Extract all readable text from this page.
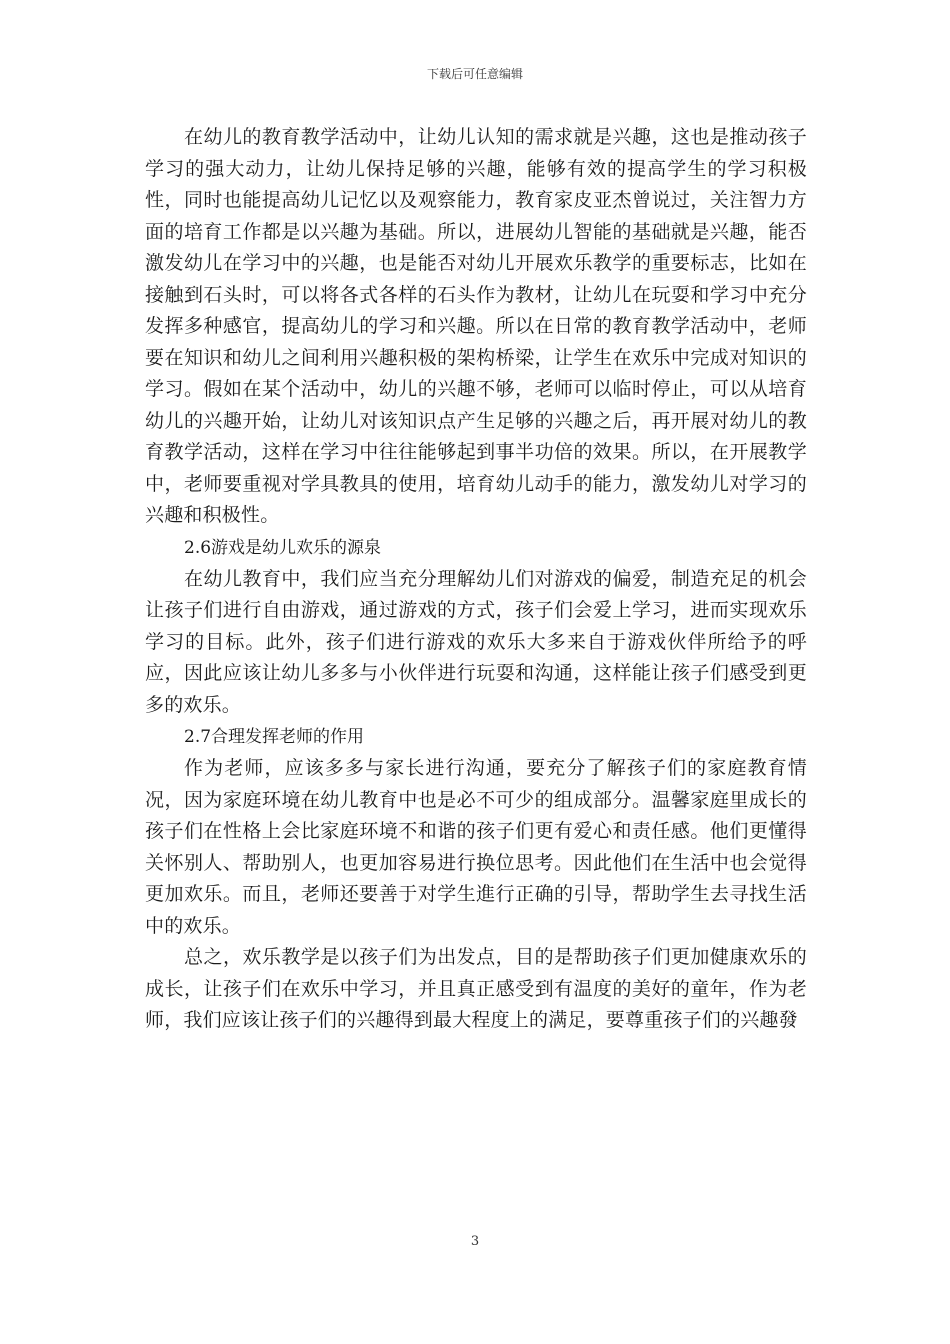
下载后可任意编辑

在幼儿的教育教学活动中，让幼儿认知的需求就是兴趣，这也是推动孩子学习的强大动力，让幼儿保持足够的兴趣，能够有效的提高学生的学习积极性，同时也能提高幼儿记忆以及观察能力，教育家皮亚杰曾说过，关注智力方面的培育工作都是以兴趣为基础。所以，进展幼儿智能的基础就是兴趣，能否激发幼儿在学习中的兴趣，也是能否对幼儿开展欢乐教学的重要标志，比如在接触到石头时，可以将各式各样的石头作为教材，让幼儿在玩耍和学习中充分发挥多种感官，提高幼儿的学习和兴趣。所以在日常的教育教学活动中，老师要在知识和幼儿之间利用兴趣积极的架构桥梁，让学生在欢乐中完成对知识的学习。假如在某个活动中，幼儿的兴趣不够，老师可以临时停止，可以从培育幼儿的兴趣开始，让幼儿对该知识点产生足够的兴趣之后，再开展对幼儿的教育教学活动，这样在学习中往往能够起到事半功倍的效果。所以，在开展教学中，老师要重视对学具教具的使用，培育幼儿动手的能力，激发幼儿对学习的兴趣和积极性。

2.6游戏是幼儿欢乐的源泉

在幼儿教育中，我们应当充分理解幼儿们对游戏的偏爱，制造充足的机会让孩子们进行自由游戏，通过游戏的方式，孩子们会爱上学习，进而实现欢乐学习的目标。此外，孩子们进行游戏的欢乐大多来自于游戏伙伴所给予的呼应，因此应该让幼儿多多与小伙伴进行玩耍和沟通，这样能让孩子们感受到更多的欢乐。

2.7合理发挥老师的作用

作为老师，应该多多与家长进行沟通，要充分了解孩子们的家庭教育情况，因为家庭环境在幼儿教育中也是必不可少的组成部分。温馨家庭里成长的孩子们在性格上会比家庭环境不和谐的孩子们更有爱心和责任感。他们更懂得关怀别人、帮助别人，也更加容易进行换位思考。因此他们在生活中也会觉得更加欢乐。而且，老师还要善于对学生進行正确的引导，帮助学生去寻找生活中的欢乐。

总之，欢乐教学是以孩子们为出发点，目的是帮助孩子们更加健康欢乐的成长，让孩子们在欢乐中学习，并且真正感受到有温度的美好的童年，作为老师，我们应该让孩子们的兴趣得到最大程度上的满足，要尊重孩子们的兴趣發

3
